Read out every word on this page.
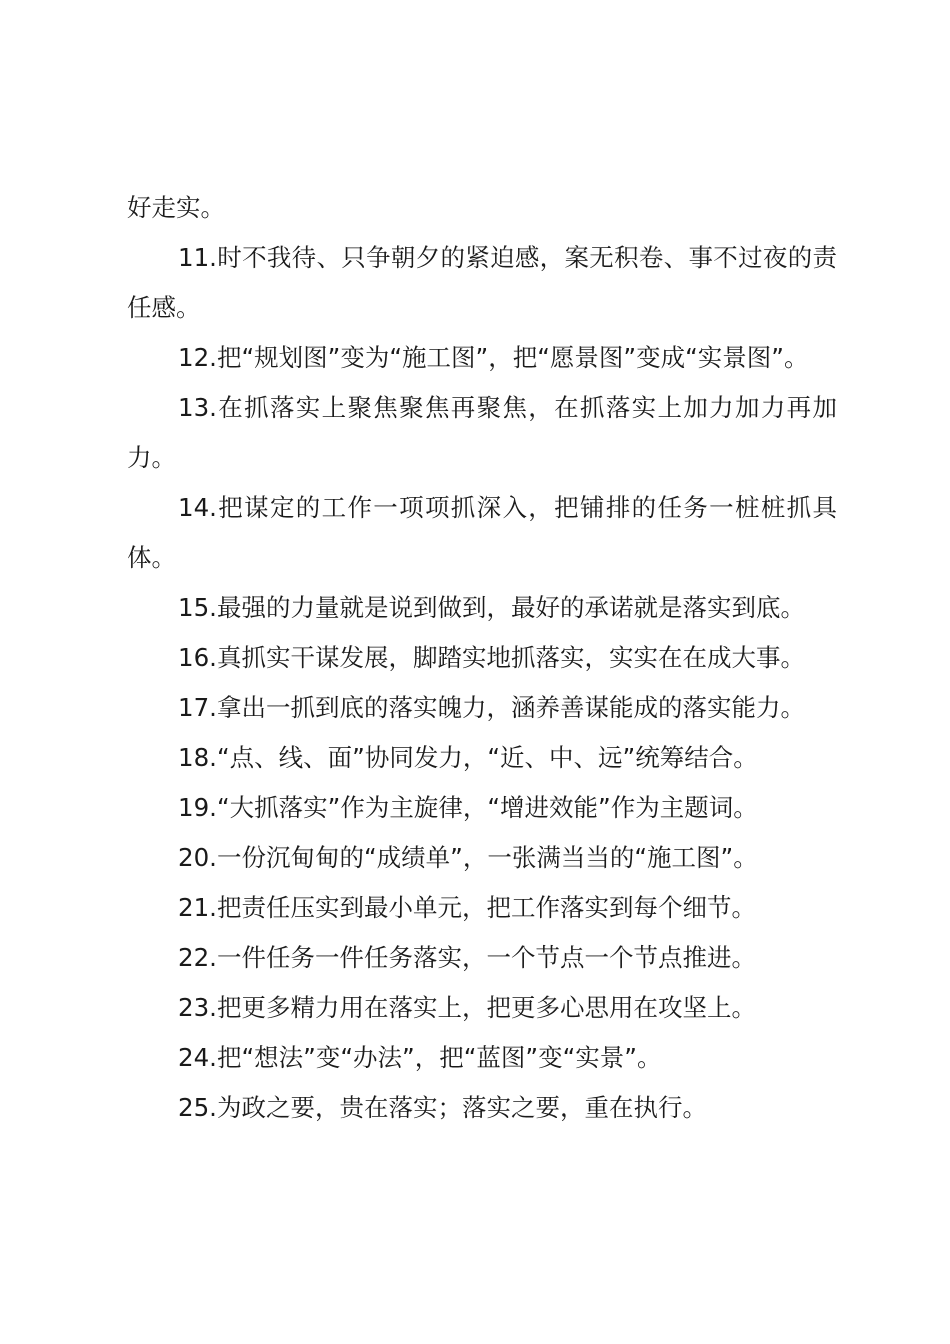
好走实。

11.时不我待、只争朝夕的紧迫感，案无积卷、事不过夜的责任感。

12.把“规划图”变为“施工图”，把“愿景图”变成“实景图”。

13.在抓落实上聚焦聚焦再聚焦，在抓落实上加力加力再加力。

14.把谋定的工作一项项抓深入，把铺排的任务一桩桩抓具体。

15.最强的力量就是说到做到，最好的承诺就是落实到底。

16.真抓实干谋发展，脚踏实地抓落实，实实在在成大事。

17.拿出一抓到底的落实魄力，涵养善谋能成的落实能力。

18.“点、线、面”协同发力，“近、中、远”统筹结合。

19.“大抓落实”作为主旋律，“增进效能”作为主题词。

20.一份沉甸甸的“成绩单”，一张满当当的“施工图”。

21.把责任压实到最小单元，把工作落实到每个细节。

22.一件任务一件任务落实，一个节点一个节点推进。

23.把更多精力用在落实上，把更多心思用在攻坚上。

24.把“想法”变“办法”，把“蓝图”变“实景”。

25.为政之要，贵在落实；落实之要，重在执行。
